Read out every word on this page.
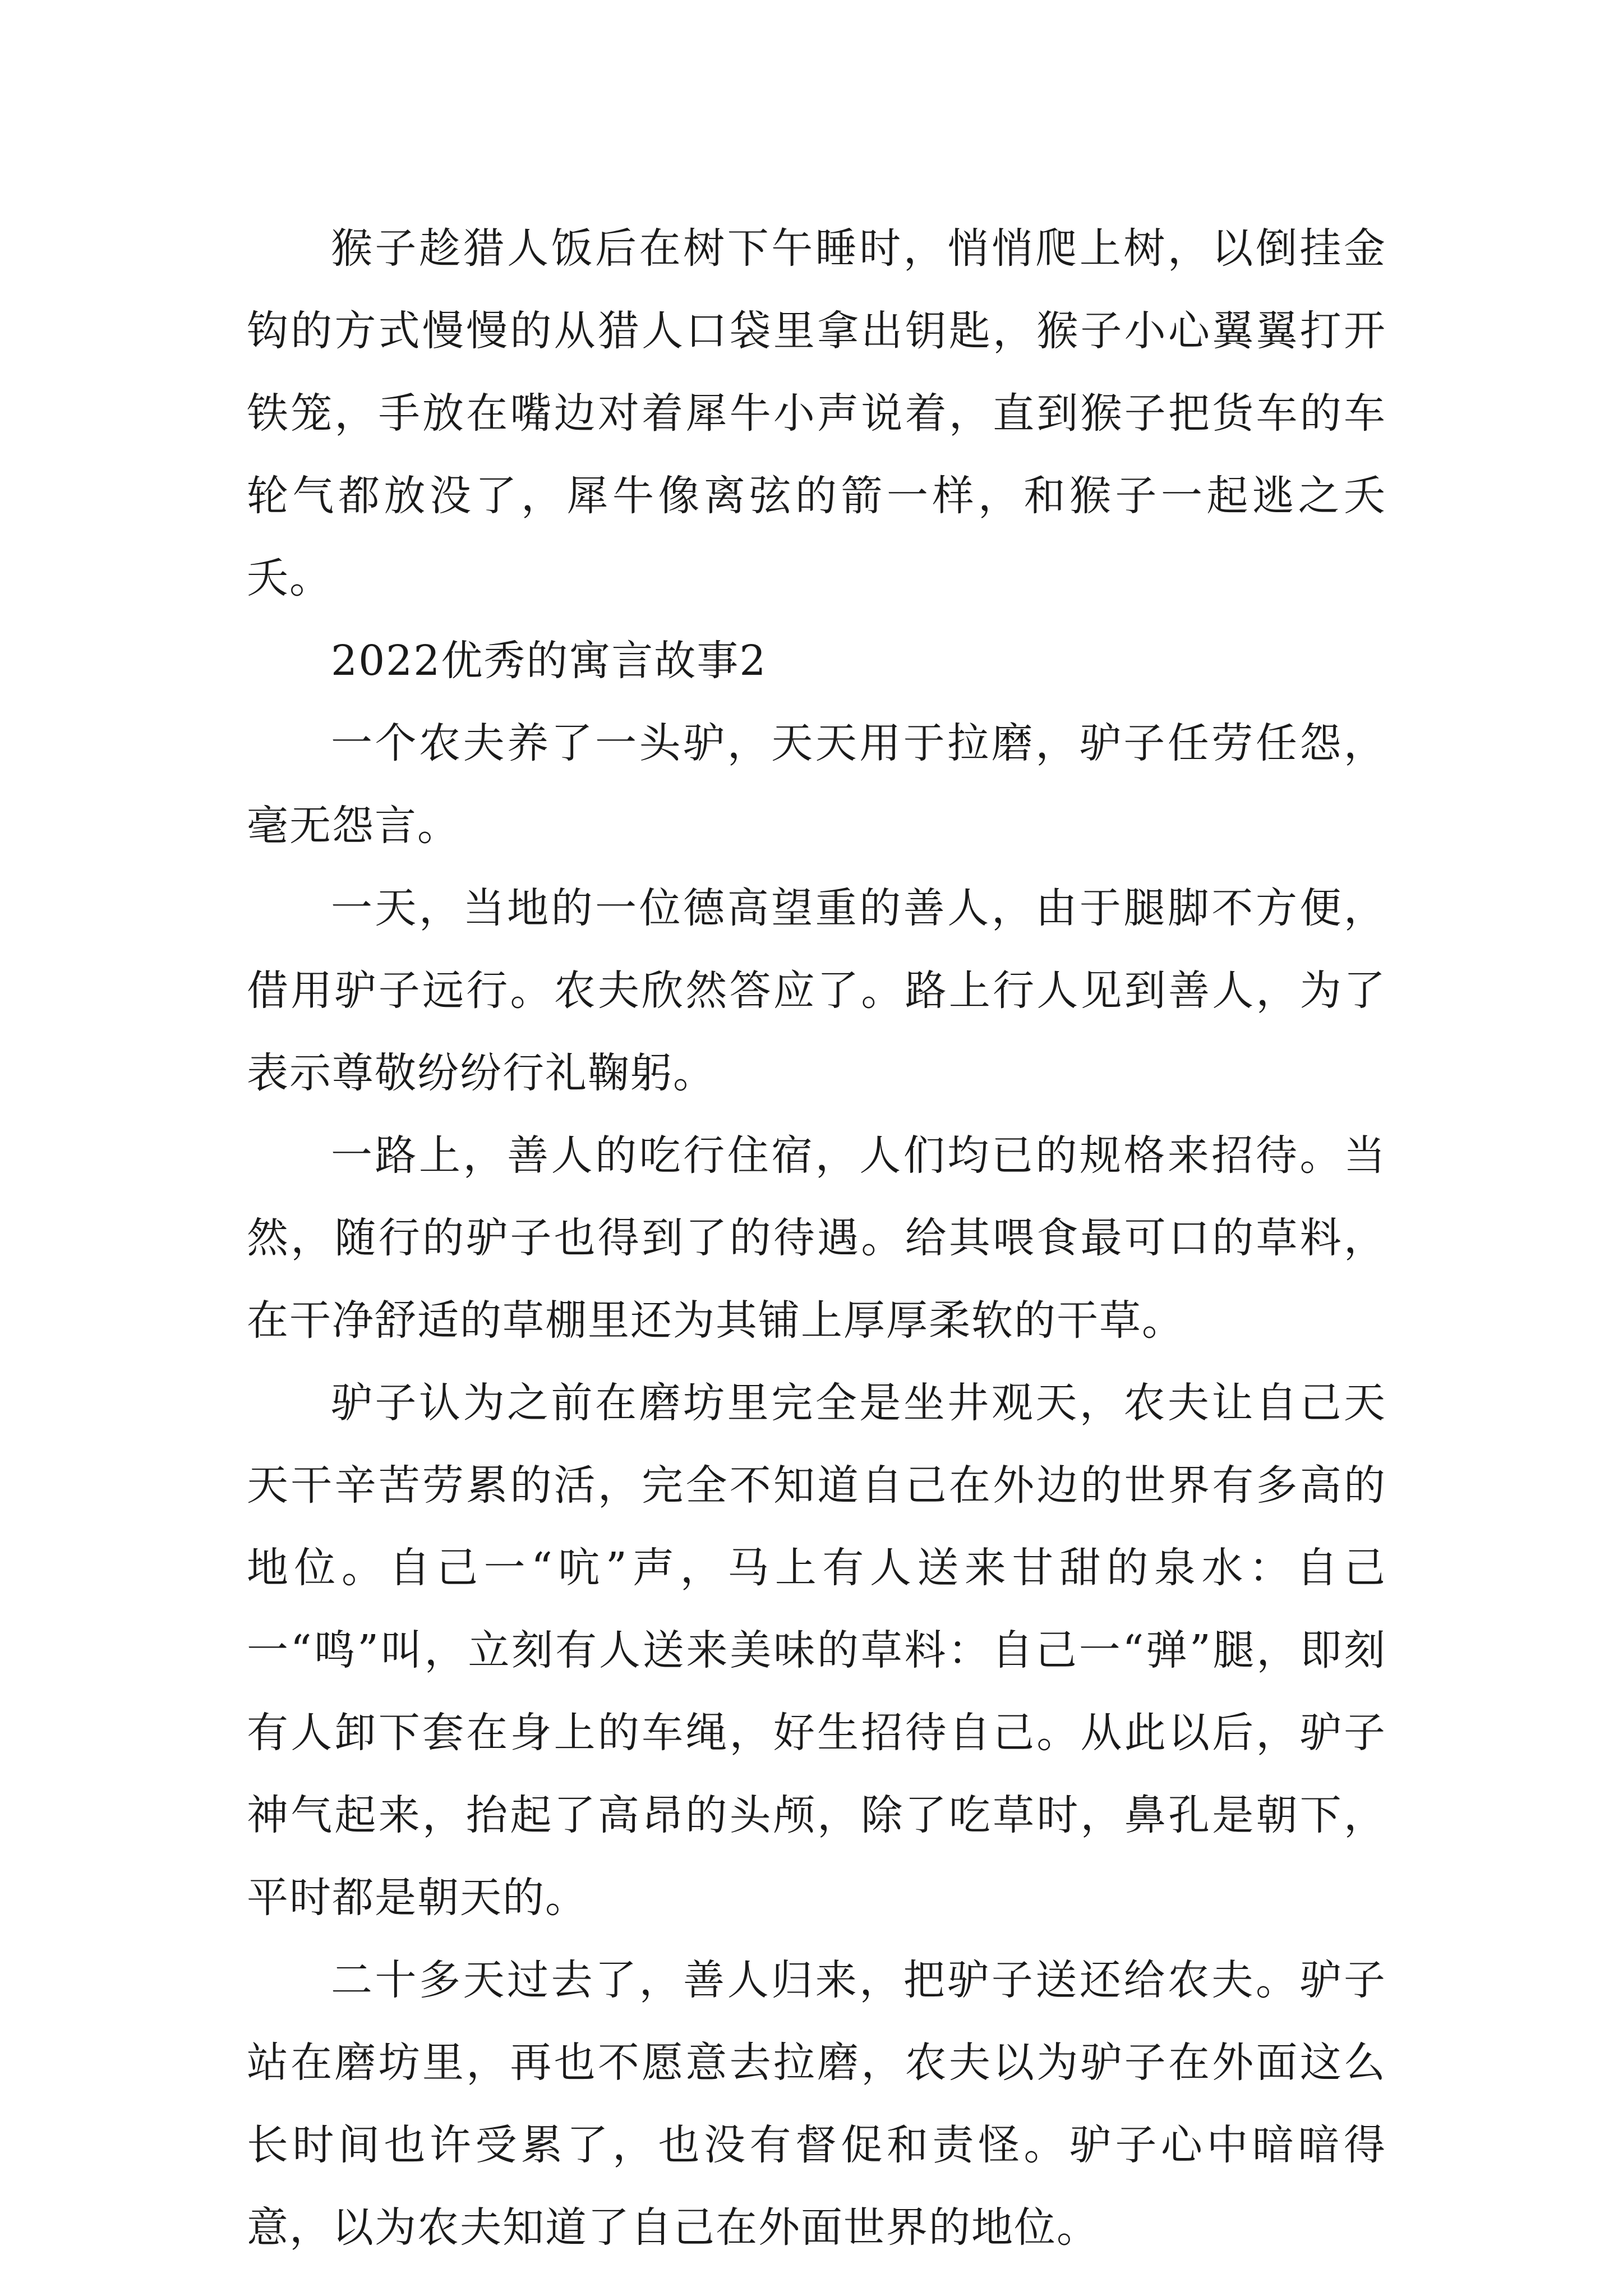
猴子趁猎人饭后在树下午睡时，悄悄爬上树，以倒挂金钩的方式慢慢的从猎人口袋里拿出钥匙，猴子小心翼翼打开铁笼，手放在嘴边对着犀牛小声说着，直到猴子把货车的车轮气都放没了，犀牛像离弦的箭一样，和猴子一起逃之夭夭。

2022优秀的寓言故事2

一个农夫养了一头驴，天天用于拉磨，驴子任劳任怨，毫无怨言。

一天，当地的一位德高望重的善人，由于腿脚不方便，借用驴子远行。农夫欣然答应了。路上行人见到善人，为了表示尊敬纷纷行礼鞠躬。

一路上，善人的吃行住宿，人们均已的规格来招待。当然，随行的驴子也得到了的待遇。给其喂食最可口的草料，在干净舒适的草棚里还为其铺上厚厚柔软的干草。

驴子认为之前在磨坊里完全是坐井观天，农夫让自己天天干辛苦劳累的活，完全不知道自己在外边的世界有多高的地位。自己一“吭”声，马上有人送来甘甜的泉水：自己一“鸣”叫，立刻有人送来美味的草料：自己一“弹”腿，即刻有人卸下套在身上的车绳，好生招待自己。从此以后，驴子神气起来，抬起了高昂的头颅，除了吃草时，鼻孔是朝下，平时都是朝天的。

二十多天过去了，善人归来，把驴子送还给农夫。驴子站在磨坊里，再也不愿意去拉磨，农夫以为驴子在外面这么长时间也许受累了，也没有督促和责怪。驴子心中暗暗得意，以为农夫知道了自己在外面世界的地位。
